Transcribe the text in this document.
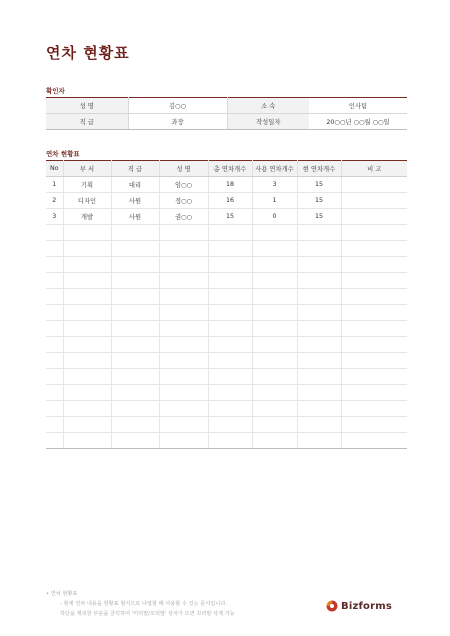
연차 현황표
확인자
성 명	김○○	소 속	인사팀
직 급	과장	작성일자	20○○년 ○○월 ○○일
연차 현황표
No	부 서	직 급	성 명	총 연차개수	사용 연차개수	현 연차개수	비 고
1	기획	대리	임○○	18	3	15	
2	디자인	사원	정○○	16	1	15	
3	개발	사원	권○○	15	0	15	

• 연차 현황표
- 현재 연차 내용을 현황표 형식으로 나열할 때 사용할 수 있는 문서입니다.
하단을 제외한 부분을 클릭하여 '머리말/꼬리말' 상자가 뜨면 꼬리말 삭제 가능
Bizforms
